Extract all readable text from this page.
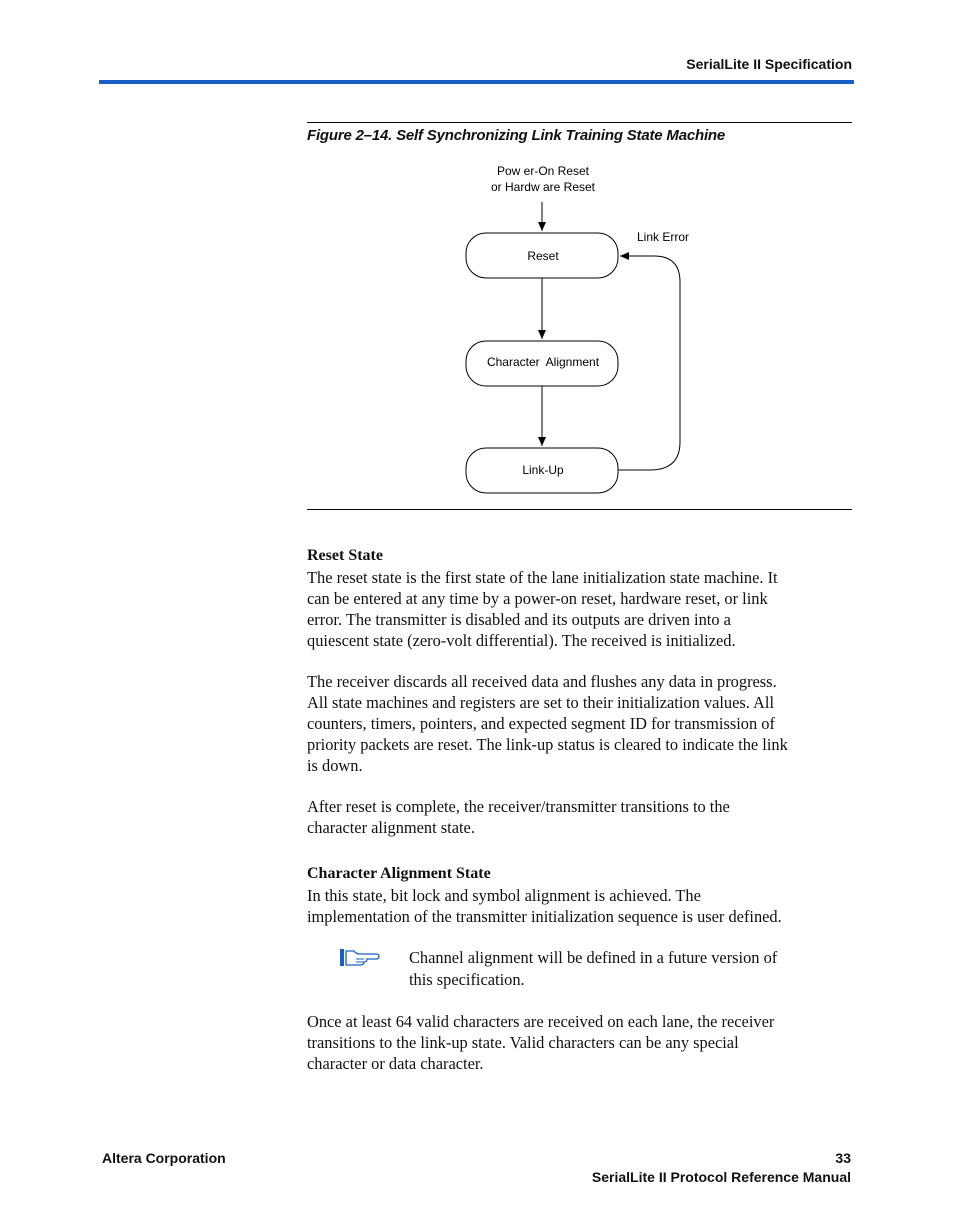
SerialLite II Specification
Figure 2–14. Self Synchronizing Link Training State Machine
Pow er-On Reset
or Hardw are Reset
Reset
Character  Alignment
Link-Up
Link Error
Reset State

The reset state is the first state of the lane initialization state machine. It
can be entered at any time by a power-on reset, hardware reset, or link
error. The transmitter is disabled and its outputs are driven into a
quiescent state (zero-volt differential). The received is initialized.

The receiver discards all received data and flushes any data in progress.
All state machines and registers are set to their initialization values. All
counters, timers, pointers, and expected segment ID for transmission of
priority packets are reset. The link-up status is cleared to indicate the link
is down.

After reset is complete, the receiver/transmitter transitions to the
character alignment state.

Character Alignment State

In this state, bit lock and symbol alignment is achieved. The
implementation of the transmitter initialization sequence is user defined.

Channel alignment will be defined in a future version of
this specification.

Once at least 64 valid characters are received on each lane, the receiver
transitions to the link-up state. Valid characters can be any special
character or data character.

Altera Corporation	33
SerialLite II Protocol Reference Manual
